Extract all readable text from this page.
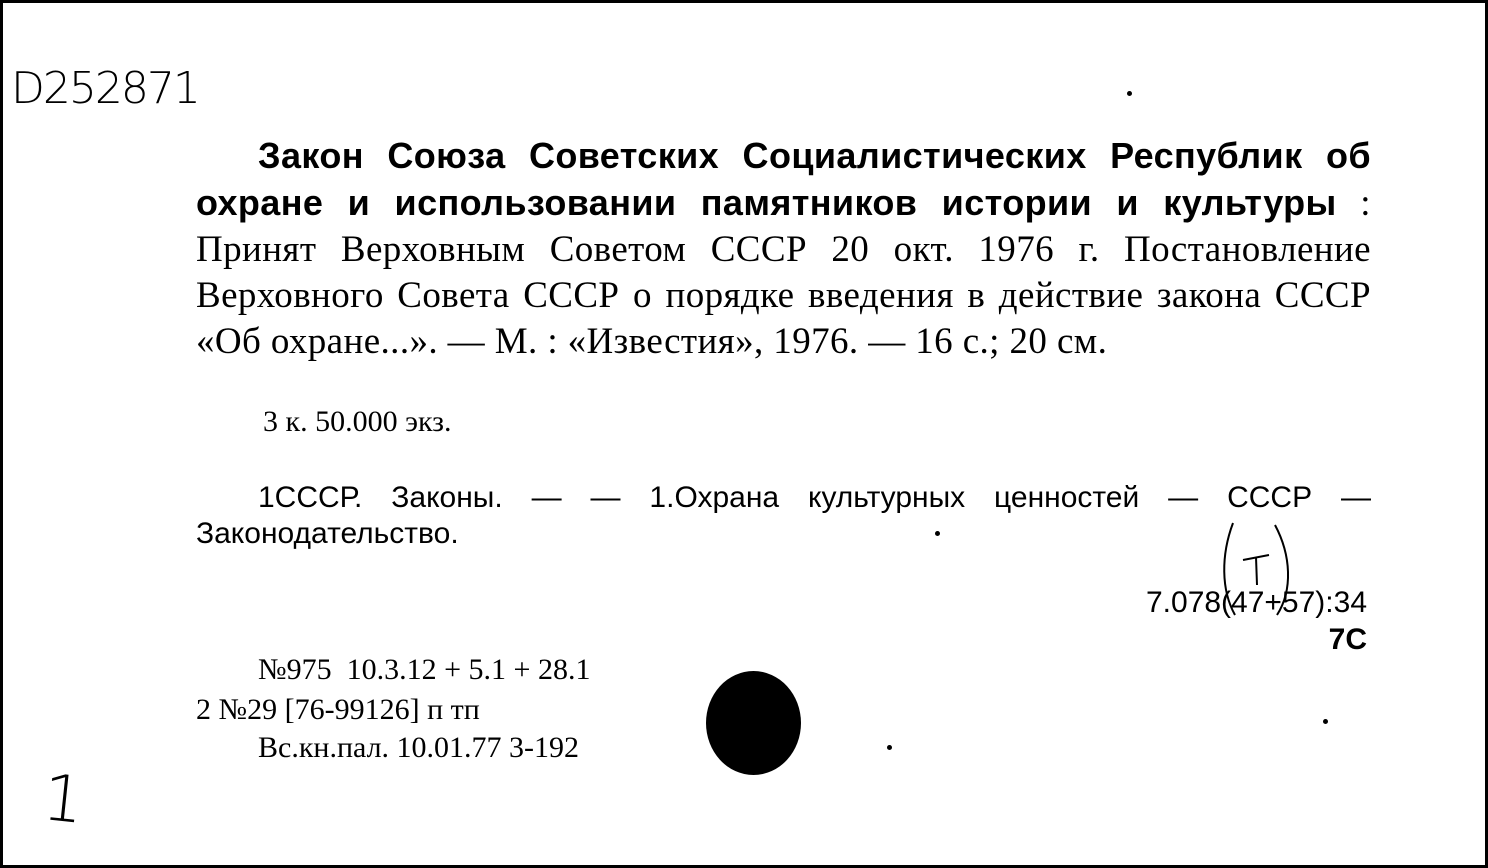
D252871
Закон Союза Советских Социалистических Республик об охране и использовании памятников истории и культуры : Принят Верховным Советом СССР 20 окт. 1976 г. Постановление Верховного Совета СССР о порядке введения в действие закона СССР «Об охране...». — М. : «Известия», 1976. — 16 с.; 20 см.
3 к. 50.000 экз.
1СССР. Законы. — — 1.Охрана культурных ценностей — СССР — Законодательство.
7.078(47+57):34
7С
№975  10.3.12 + 5.1 + 28.1
2 №29 [76-99126] п тп
Вс.кн.пал. 10.01.77 3-192
1
